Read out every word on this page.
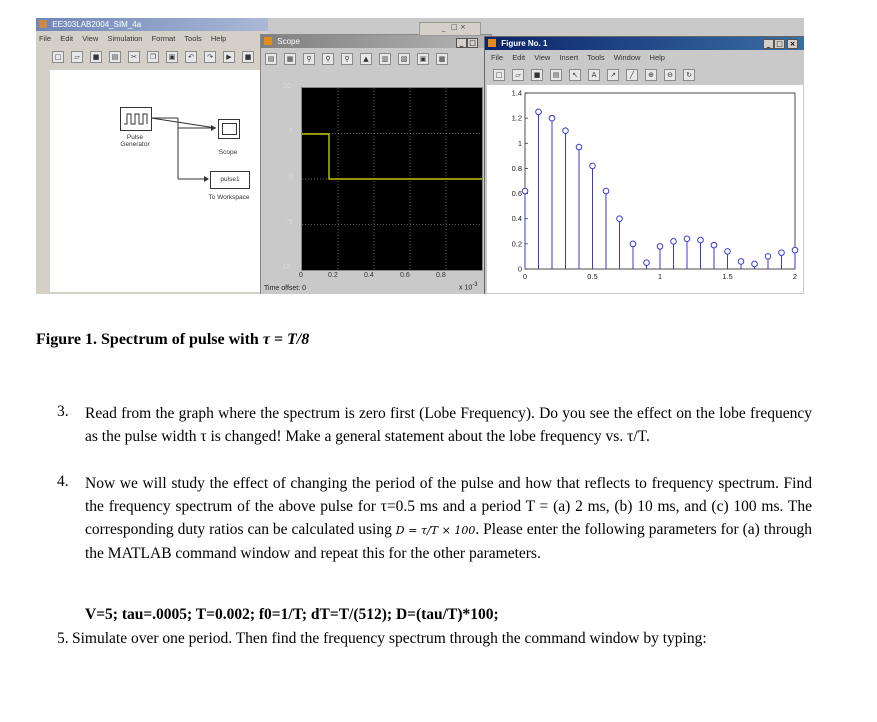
EE303LAB2004_SIM_4a
File Edit View Simulation Format Tools Help
□ ▱ ■ ▤ ✂ ❐ ▣ ↶ ↷ ▶ ■
Pulse Generator
Scope
pulse1
To Workspace
Scope	_ □
▤ ▦ ⚲ ⚲ ⚲ ▲ ▥ ▧ ▣ ▩
10
5
0
-5
-10
0	0.2	0.4	0.6	0.8
Time offset: 0	x $10^{-3}$
_ □ ×
Figure No. 1	_ □ ×
File Edit View Insert Tools Window Help
□ ▱ ■ ▤ ↖ A ↗ ╱ ⊕ ⊖ ↻
0
0.2
0.4
0.6
0.8
1
1.2
1.4
0	0.5	1	1.5	2
Figure 1. Spectrum of pulse with τ = T/8
3. Read from the graph where the spectrum is zero first (Lobe Frequency). Do you see the effect on the lobe frequency as the pulse width τ is changed! Make a general statement about the lobe frequency vs. τ/T.
4. Now we will study the effect of changing the period of the pulse and how that reflects to frequency spectrum. Find the frequency spectrum of the above pulse for τ=0.5 ms and a period T = (a) 2 ms, (b) 10 ms, and (c) 100 ms. The corresponding duty ratios can be calculated using D = τ/T × 100. Please enter the following parameters for (a) through the MATLAB command window and repeat this for the other parameters.
V=5; tau=.0005; T=0.002; f0=1/T; dT=T/(512); D=(tau/T)*100;
5. Simulate over one period. Then find the frequency spectrum through the command window by typing:
